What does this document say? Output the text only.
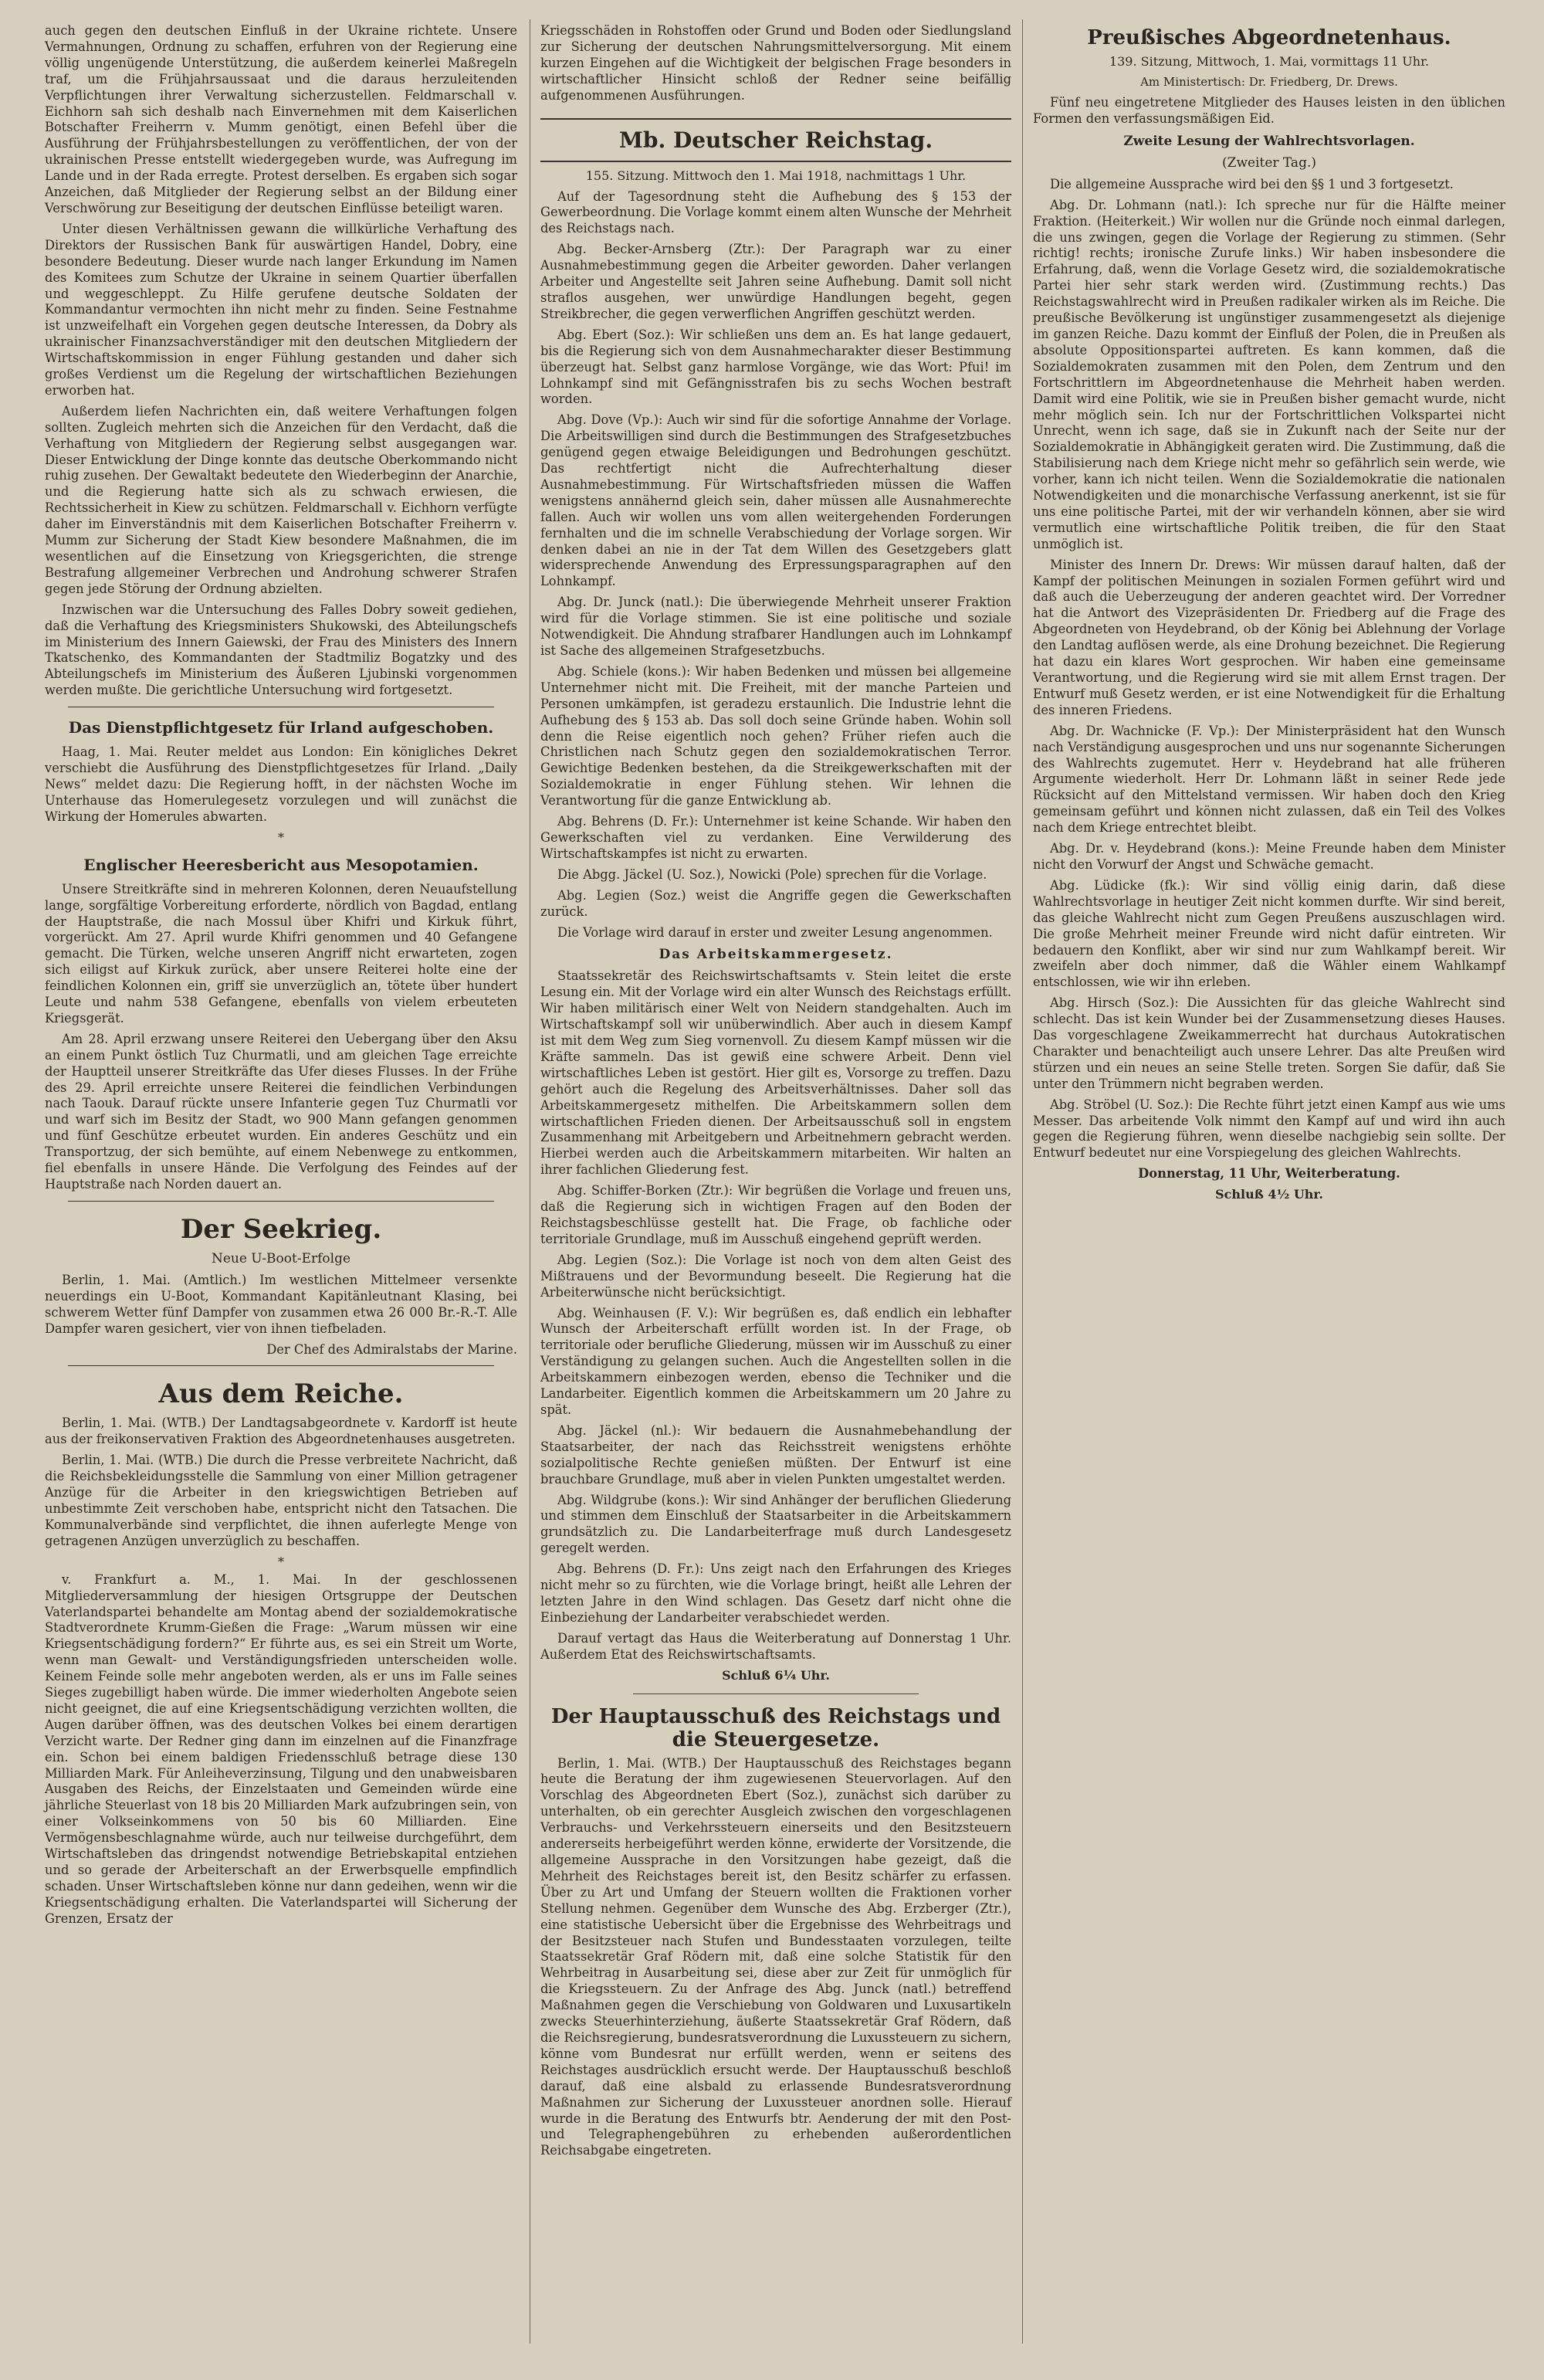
auch gegen den deutschen Einfluß in der Ukraine richtete. Unsere Vermahnungen, Ordnung zu schaffen, erfuhren von der Regierung eine völlig ungenügende Unterstützung, die außerdem keinerlei Maßregeln traf, um die Frühjahrsaussaat und die daraus herzuleitenden Verpflichtungen ihrer Verwaltung sicherzustellen. Feldmarschall v. Eichhorn sah sich deshalb nach Einvernehmen mit dem Kaiserlichen Botschafter Freiherrn v. Mumm genötigt, einen Befehl über die Ausführung der Frühjahrsbestellungen zu veröffentlichen, der von der ukrainischen Presse entstellt wiedergegeben wurde, was Aufregung im Lande und in der Rada erregte. Protest derselben. Es ergaben sich sogar Anzeichen, daß Mitglieder der Regierung selbst an der Bildung einer Verschwörung zur Beseitigung der deutschen Einflüsse beteiligt waren.

Unter diesen Verhältnissen gewann die willkürliche Verhaftung des Direktors der Russischen Bank für auswärtigen Handel, Dobry, eine besondere Bedeutung. Dieser wurde nach langer Erkundung im Namen des Komitees zum Schutze der Ukraine in seinem Quartier überfallen und weggeschleppt. Zu Hilfe gerufene deutsche Soldaten der Kommandantur vermochten ihn nicht mehr zu finden. Seine Festnahme ist unzweifelhaft ein Vorgehen gegen deutsche Interessen, da Dobry als ukrainischer Finanzsachverständiger mit den deutschen Mitgliedern der Wirtschaftskommission in enger Fühlung gestanden und daher sich großes Verdienst um die Regelung der wirtschaftlichen Beziehungen erworben hat.

Außerdem liefen Nachrichten ein, daß weitere Verhaftungen folgen sollten. Zugleich mehrten sich die Anzeichen für den Verdacht, daß die Verhaftung von Mitgliedern der Regierung selbst ausgegangen war. Dieser Entwicklung der Dinge konnte das deutsche Oberkommando nicht ruhig zusehen. Der Gewaltakt bedeutete den Wiederbeginn der Anarchie, und die Regierung hatte sich als zu schwach erwiesen, die Rechtssicherheit in Kiew zu schützen. Feldmarschall v. Eichhorn verfügte daher im Einverständnis mit dem Kaiserlichen Botschafter Freiherrn v. Mumm zur Sicherung der Stadt Kiew besondere Maßnahmen, die im wesentlichen auf die Einsetzung von Kriegsgerichten, die strenge Bestrafung allgemeiner Verbrechen und Androhung schwerer Strafen gegen jede Störung der Ordnung abzielten.

Inzwischen war die Untersuchung des Falles Dobry soweit gediehen, daß die Verhaftung des Kriegsministers Shukowski, des Abteilungschefs im Ministerium des Innern Gaiewski, der Frau des Ministers des Innern Tkatschenko, des Kommandanten der Stadtmiliz Bogatzky und des Abteilungschefs im Ministerium des Äußeren Ljubinski vorgenommen werden mußte. Die gerichtliche Untersuchung wird fortgesetzt.

Das Dienstpflichtgesetz für Irland aufgeschoben.

Haag, 1. Mai. Reuter meldet aus London: Ein königliches Dekret verschiebt die Ausführung des Dienstpflichtgesetzes für Irland. „Daily News“ meldet dazu: Die Regierung hofft, in der nächsten Woche im Unterhause das Homerulegesetz vorzulegen und will zunächst die Wirkung der Homerules abwarten.

*
Englischer Heeresbericht aus Mesopotamien.

Unsere Streitkräfte sind in mehreren Kolonnen, deren Neuaufstellung lange, sorgfältige Vorbereitung erforderte, nördlich von Bagdad, entlang der Hauptstraße, die nach Mossul über Khifri und Kirkuk führt, vorgerückt. Am 27. April wurde Khifri genommen und 40 Gefangene gemacht. Die Türken, welche unseren Angriff nicht erwarteten, zogen sich eiligst auf Kirkuk zurück, aber unsere Reiterei holte eine der feindlichen Kolonnen ein, griff sie unverzüglich an, tötete über hundert Leute und nahm 538 Gefangene, ebenfalls von vielem erbeuteten Kriegsgerät.

Am 28. April erzwang unsere Reiterei den Uebergang über den Aksu an einem Punkt östlich Tuz Churmatli, und am gleichen Tage erreichte der Hauptteil unserer Streitkräfte das Ufer dieses Flusses. In der Frühe des 29. April erreichte unsere Reiterei die feindlichen Verbindungen nach Taouk. Darauf rückte unsere Infanterie gegen Tuz Churmatli vor und warf sich im Besitz der Stadt, wo 900 Mann gefangen genommen und fünf Geschütze erbeutet wurden. Ein anderes Geschütz und ein Transportzug, der sich bemühte, auf einem Nebenwege zu entkommen, fiel ebenfalls in unsere Hände. Die Verfolgung des Feindes auf der Hauptstraße nach Norden dauert an.

Der Seekrieg.
Neue U-Boot-Erfolge

Berlin, 1. Mai. (Amtlich.) Im westlichen Mittelmeer versenkte neuerdings ein U-Boot, Kommandant Kapitänleutnant Klasing, bei schwerem Wetter fünf Dampfer von zusammen etwa 26 000 Br.-R.-T. Alle Dampfer waren gesichert, vier von ihnen tiefbeladen.

Der Chef des Admiralstabs der Marine.

Aus dem Reiche.

Berlin, 1. Mai. (WTB.) Der Landtagsabgeordnete v. Kardorff ist heute aus der freikonservativen Fraktion des Abgeordnetenhauses ausgetreten.

Berlin, 1. Mai. (WTB.) Die durch die Presse verbreitete Nachricht, daß die Reichsbekleidungsstelle die Sammlung von einer Million getragener Anzüge für die Arbeiter in den kriegswichtigen Betrieben auf unbestimmte Zeit verschoben habe, entspricht nicht den Tatsachen. Die Kommunalverbände sind verpflichtet, die ihnen auferlegte Menge von getragenen Anzügen unverzüglich zu beschaffen.

*

v. Frankfurt a. M., 1. Mai. In der geschlossenen Mitgliederversammlung der hiesigen Ortsgruppe der Deutschen Vaterlandspartei behandelte am Montag abend der sozialdemokratische Stadtverordnete Krumm-Gießen die Frage: „Warum müssen wir eine Kriegsentschädigung fordern?“ Er führte aus, es sei ein Streit um Worte, wenn man Gewalt- und Verständigungsfrieden unterscheiden wolle. Keinem Feinde solle mehr angeboten werden, als er uns im Falle seines Sieges zugebilligt haben würde. Die immer wiederholten Angebote seien nicht geeignet, die auf eine Kriegsentschädigung verzichten wollten, die Augen darüber öffnen, was des deutschen Volkes bei einem derartigen Verzicht warte. Der Redner ging dann im einzelnen auf die Finanzfrage ein. Schon bei einem baldigen Friedensschluß betrage diese 130 Milliarden Mark. Für Anleiheverzinsung, Tilgung und den unabweisbaren Ausgaben des Reichs, der Einzelstaaten und Gemeinden würde eine jährliche Steuerlast von 18 bis 20 Milliarden Mark aufzubringen sein, von einer Volkseinkommens von 50 bis 60 Milliarden. Eine Vermögensbeschlagnahme würde, auch nur teilweise durchgeführt, dem Wirtschaftsleben das dringendst notwendige Betriebskapital entziehen und so gerade der Arbeiterschaft an der Erwerbsquelle empfindlich schaden. Unser Wirtschaftsleben könne nur dann gedeihen, wenn wir die Kriegsentschädigung erhalten. Die Vaterlandspartei will Sicherung der Grenzen, Ersatz der

Kriegsschäden in Rohstoffen oder Grund und Boden oder Siedlungsland zur Sicherung der deutschen Nahrungsmittelversorgung. Mit einem kurzen Eingehen auf die Wichtigkeit der belgischen Frage besonders in wirtschaftlicher Hinsicht schloß der Redner seine beifällig aufgenommenen Ausführungen.

Mb. Deutscher Reichstag.
155. Sitzung. Mittwoch den 1. Mai 1918, nachmittags 1 Uhr.

Auf der Tagesordnung steht die Aufhebung des § 153 der Gewerbeordnung. Die Vorlage kommt einem alten Wunsche der Mehrheit des Reichstags nach.

Abg. Becker-Arnsberg (Ztr.): Der Paragraph war zu einer Ausnahmebestimmung gegen die Arbeiter geworden. Daher verlangen Arbeiter und Angestellte seit Jahren seine Aufhebung. Damit soll nicht straflos ausgehen, wer unwürdige Handlungen begeht, gegen Streikbrecher, die gegen verwerflichen Angriffen geschützt werden.

Abg. Ebert (Soz.): Wir schließen uns dem an. Es hat lange gedauert, bis die Regierung sich von dem Ausnahmecharakter dieser Bestimmung überzeugt hat. Selbst ganz harmlose Vorgänge, wie das Wort: Pfui! im Lohnkampf sind mit Gefängnisstrafen bis zu sechs Wochen bestraft worden.

Abg. Dove (Vp.): Auch wir sind für die sofortige Annahme der Vorlage. Die Arbeitswilligen sind durch die Bestimmungen des Strafgesetzbuches genügend gegen etwaige Beleidigungen und Bedrohungen geschützt. Das rechtfertigt nicht die Aufrechterhaltung dieser Ausnahmebestimmung. Für Wirtschaftsfrieden müssen die Waffen wenigstens annähernd gleich sein, daher müssen alle Ausnahmerechte fallen. Auch wir wollen uns vom allen weitergehenden Forderungen fernhalten und die im schnelle Verabschiedung der Vorlage sorgen. Wir denken dabei an nie in der Tat dem Willen des Gesetzgebers glatt widersprechende Anwendung des Erpressungsparagraphen auf den Lohnkampf.

Abg. Dr. Junck (natl.): Die überwiegende Mehrheit unserer Fraktion wird für die Vorlage stimmen. Sie ist eine politische und soziale Notwendigkeit. Die Ahndung strafbarer Handlungen auch im Lohnkampf ist Sache des allgemeinen Strafgesetzbuchs.

Abg. Schiele (kons.): Wir haben Bedenken und müssen bei allgemeine Unternehmer nicht mit. Die Freiheit, mit der manche Parteien und Personen umkämpfen, ist geradezu erstaunlich. Die Industrie lehnt die Aufhebung des § 153 ab. Das soll doch seine Gründe haben. Wohin soll denn die Reise eigentlich noch gehen? Früher riefen auch die Christlichen nach Schutz gegen den sozialdemokratischen Terror. Gewichtige Bedenken bestehen, da die Streikgewerkschaften mit der Sozialdemokratie in enger Fühlung stehen. Wir lehnen die Verantwortung für die ganze Entwicklung ab.

Abg. Behrens (D. Fr.): Unternehmer ist keine Schande. Wir haben den Gewerkschaften viel zu verdanken. Eine Verwilderung des Wirtschaftskampfes ist nicht zu erwarten.

Die Abgg. Jäckel (U. Soz.), Nowicki (Pole) sprechen für die Vorlage.

Abg. Legien (Soz.) weist die Angriffe gegen die Gewerkschaften zurück.

Die Vorlage wird darauf in erster und zweiter Lesung angenommen.

Das Arbeitskammergesetz.

Staatssekretär des Reichswirtschaftsamts v. Stein leitet die erste Lesung ein. Mit der Vorlage wird ein alter Wunsch des Reichstags erfüllt. Wir haben militärisch einer Welt von Neidern standgehalten. Auch im Wirtschaftskampf soll wir unüberwindlich. Aber auch in diesem Kampf ist mit dem Weg zum Sieg vornenvoll. Zu diesem Kampf müssen wir die Kräfte sammeln. Das ist gewiß eine schwere Arbeit. Denn viel wirtschaftliches Leben ist gestört. Hier gilt es, Vorsorge zu treffen. Dazu gehört auch die Regelung des Arbeitsverhältnisses. Daher soll das Arbeitskammergesetz mithelfen. Die Arbeitskammern sollen dem wirtschaftlichen Frieden dienen. Der Arbeitsausschuß soll in engstem Zusammenhang mit Arbeitgebern und Arbeitnehmern gebracht werden. Hierbei werden auch die Arbeitskammern mitarbeiten. Wir halten an ihrer fachlichen Gliederung fest.

Abg. Schiffer-Borken (Ztr.): Wir begrüßen die Vorlage und freuen uns, daß die Regierung sich in wichtigen Fragen auf den Boden der Reichstagsbeschlüsse gestellt hat. Die Frage, ob fachliche oder territoriale Grundlage, muß im Ausschuß eingehend geprüft werden.

Abg. Legien (Soz.): Die Vorlage ist noch von dem alten Geist des Mißtrauens und der Bevormundung beseelt. Die Regierung hat die Arbeiterwünsche nicht berücksichtigt.

Abg. Weinhausen (F. V.): Wir begrüßen es, daß endlich ein lebhafter Wunsch der Arbeiterschaft erfüllt worden ist. In der Frage, ob territoriale oder berufliche Gliederung, müssen wir im Ausschuß zu einer Verständigung zu gelangen suchen. Auch die Angestellten sollen in die Arbeitskammern einbezogen werden, ebenso die Techniker und die Landarbeiter. Eigentlich kommen die Arbeitskammern um 20 Jahre zu spät.

Abg. Jäckel (nl.): Wir bedauern die Ausnahmebehandlung der Staatsarbeiter, der nach das Reichsstreit wenigstens erhöhte sozialpolitische Rechte genießen müßten. Der Entwurf ist eine brauchbare Grundlage, muß aber in vielen Punkten umgestaltet werden.

Abg. Wildgrube (kons.): Wir sind Anhänger der beruflichen Gliederung und stimmen dem Einschluß der Staatsarbeiter in die Arbeitskammern grundsätzlich zu. Die Landarbeiterfrage muß durch Landesgesetz geregelt werden.

Abg. Behrens (D. Fr.): Uns zeigt nach den Erfahrungen des Krieges nicht mehr so zu fürchten, wie die Vorlage bringt, heißt alle Lehren der letzten Jahre in den Wind schlagen. Das Gesetz darf nicht ohne die Einbeziehung der Landarbeiter verabschiedet werden.

Darauf vertagt das Haus die Weiterberatung auf Donnerstag 1 Uhr. Außerdem Etat des Reichswirtschaftsamts.

Schluß 6¼ Uhr.
Der Hauptausschuß des Reichstags und die Steuergesetze.

Berlin, 1. Mai. (WTB.) Der Hauptausschuß des Reichstages begann heute die Beratung der ihm zugewiesenen Steuervorlagen. Auf den Vorschlag des Abgeordneten Ebert (Soz.), zunächst sich darüber zu unterhalten, ob ein gerechter Ausgleich zwischen den vorgeschlagenen Verbrauchs- und Verkehrssteuern einerseits und den Besitzsteuern andererseits herbeigeführt werden könne, erwiderte der Vorsitzende, die allgemeine Aussprache in den Vorsitzungen habe gezeigt, daß die Mehrheit des Reichstages bereit ist, den Besitz schärfer zu erfassen. Über zu Art und Umfang der Steuern wollten die Fraktionen vorher Stellung nehmen. Gegenüber dem Wunsche des Abg. Erzberger (Ztr.), eine statistische Uebersicht über die Ergebnisse des Wehrbeitrags und der Besitzsteuer nach Stufen und Bundesstaaten vorzulegen, teilte Staatssekretär Graf Rödern mit, daß eine solche Statistik für den Wehrbeitrag in Ausarbeitung sei, diese aber zur Zeit für unmöglich für die Kriegssteuern. Zu der Anfrage des Abg. Junck (natl.) betreffend Maßnahmen gegen die Verschiebung von Goldwaren und Luxusartikeln zwecks Steuerhinterziehung, äußerte Staatssekretär Graf Rödern, daß die Reichsregierung, bundesratsverordnung die Luxussteuern zu sichern, könne vom Bundesrat nur erfüllt werden, wenn er seitens des Reichstages ausdrücklich ersucht werde. Der Hauptausschuß beschloß darauf, daß eine alsbald zu erlassende Bundesratsverordnung Maßnahmen zur Sicherung der Luxussteuer anordnen solle. Hierauf wurde in die Beratung des Entwurfs btr. Aenderung der mit den Post- und Telegraphengebühren zu erhebenden außerordentlichen Reichsabgabe eingetreten.

Preußisches Abgeordnetenhaus.
139. Sitzung, Mittwoch, 1. Mai, vormittags 11 Uhr.
Am Ministertisch: Dr. Friedberg, Dr. Drews.

Fünf neu eingetretene Mitglieder des Hauses leisten in den üblichen Formen den verfassungsmäßigen Eid.

Zweite Lesung der Wahlrechtsvorlagen.
(Zweiter Tag.)

Die allgemeine Aussprache wird bei den §§ 1 und 3 fortgesetzt.

Abg. Dr. Lohmann (natl.): Ich spreche nur für die Hälfte meiner Fraktion. (Heiterkeit.) Wir wollen nur die Gründe noch einmal darlegen, die uns zwingen, gegen die Vorlage der Regierung zu stimmen. (Sehr richtig! rechts; ironische Zurufe links.) Wir haben insbesondere die Erfahrung, daß, wenn die Vorlage Gesetz wird, die sozialdemokratische Partei hier sehr stark werden wird. (Zustimmung rechts.) Das Reichstagswahlrecht wird in Preußen radikaler wirken als im Reiche. Die preußische Bevölkerung ist ungünstiger zusammengesetzt als diejenige im ganzen Reiche. Dazu kommt der Einfluß der Polen, die in Preußen als absolute Oppositionspartei auftreten. Es kann kommen, daß die Sozialdemokraten zusammen mit den Polen, dem Zentrum und den Fortschrittlern im Abgeordnetenhause die Mehrheit haben werden. Damit wird eine Politik, wie sie in Preußen bisher gemacht wurde, nicht mehr möglich sein. Ich nur der Fortschrittlichen Volkspartei nicht Unrecht, wenn ich sage, daß sie in Zukunft nach der Seite nur der Sozialdemokratie in Abhängigkeit geraten wird. Die Zustimmung, daß die Stabilisierung nach dem Kriege nicht mehr so gefährlich sein werde, wie vorher, kann ich nicht teilen. Wenn die Sozialdemokratie die nationalen Notwendigkeiten und die monarchische Verfassung anerkennt, ist sie für uns eine politische Partei, mit der wir verhandeln können, aber sie wird vermutlich eine wirtschaftliche Politik treiben, die für den Staat unmöglich ist.

Minister des Innern Dr. Drews: Wir müssen darauf halten, daß der Kampf der politischen Meinungen in sozialen Formen geführt wird und daß auch die Ueberzeugung der anderen geachtet wird. Der Vorredner hat die Antwort des Vizepräsidenten Dr. Friedberg auf die Frage des Abgeordneten von Heydebrand, ob der König bei Ablehnung der Vorlage den Landtag auflösen werde, als eine Drohung bezeichnet. Die Regierung hat dazu ein klares Wort gesprochen. Wir haben eine gemeinsame Verantwortung, und die Regierung wird sie mit allem Ernst tragen. Der Entwurf muß Gesetz werden, er ist eine Notwendigkeit für die Erhaltung des inneren Friedens.

Abg. Dr. Wachnicke (F. Vp.): Der Ministerpräsident hat den Wunsch nach Verständigung ausgesprochen und uns nur sogenannte Sicherungen des Wahlrechts zugemutet. Herr v. Heydebrand hat alle früheren Argumente wiederholt. Herr Dr. Lohmann läßt in seiner Rede jede Rücksicht auf den Mittelstand vermissen. Wir haben doch den Krieg gemeinsam geführt und können nicht zulassen, daß ein Teil des Volkes nach dem Kriege entrechtet bleibt.

Abg. Dr. v. Heydebrand (kons.): Meine Freunde haben dem Minister nicht den Vorwurf der Angst und Schwäche gemacht.

Abg. Lüdicke (fk.): Wir sind völlig einig darin, daß diese Wahlrechtsvorlage in heutiger Zeit nicht kommen durfte. Wir sind bereit, das gleiche Wahlrecht nicht zum Gegen Preußens auszuschlagen wird. Die große Mehrheit meiner Freunde wird nicht dafür eintreten. Wir bedauern den Konflikt, aber wir sind nur zum Wahlkampf bereit. Wir zweifeln aber doch nimmer, daß die Wähler einem Wahlkampf entschlossen, wie wir ihn erleben.

Abg. Hirsch (Soz.): Die Aussichten für das gleiche Wahlrecht sind schlecht. Das ist kein Wunder bei der Zusammensetzung dieses Hauses. Das vorgeschlagene Zweikammerrecht hat durchaus Autokratischen Charakter und benachteiligt auch unsere Lehrer. Das alte Preußen wird stürzen und ein neues an seine Stelle treten. Sorgen Sie dafür, daß Sie unter den Trümmern nicht begraben werden.

Abg. Ströbel (U. Soz.): Die Rechte führt jetzt einen Kampf aus wie ums Messer. Das arbeitende Volk nimmt den Kampf auf und wird ihn auch gegen die Regierung führen, wenn dieselbe nachgiebig sein sollte. Der Entwurf bedeutet nur eine Vorspiegelung des gleichen Wahlrechts.

Donnerstag, 11 Uhr, Weiterberatung.

Schluß 4½ Uhr.
